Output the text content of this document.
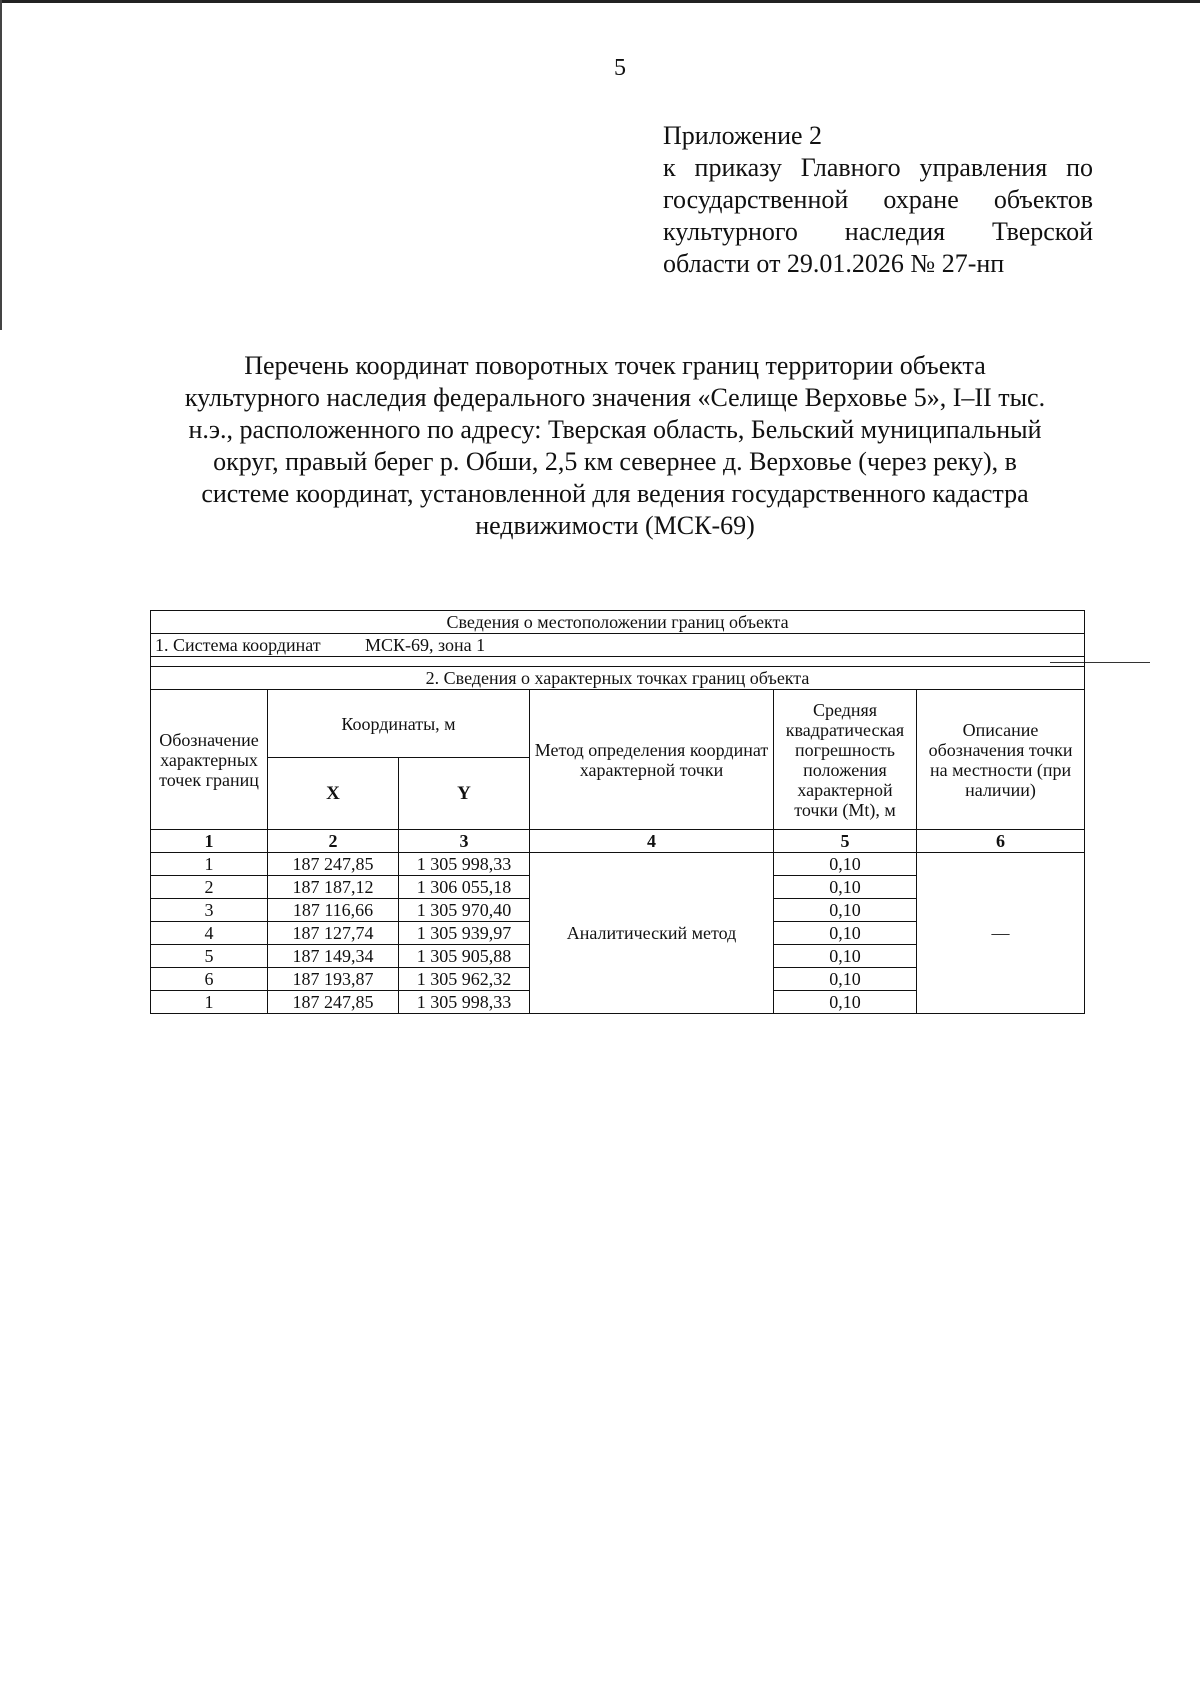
5
Приложение 2
к приказу Главного управления по
государственной охране объектов
культурного наследия Тверской
области от 29.01.2026 № 27-нп
Перечень координат поворотных точек границ территории объекта
культурного наследия федерального значения «Селище Верховье 5», I–II тыс.
н.э., расположенного по адресу: Тверская область, Бельский муниципальный
округ, правый берег р. Обши, 2,5 км севернее д. Верховье (через реку), в
системе координат, установленной для ведения государственного кадастра
недвижимости (МСК-69)
Сведения о местоположении границ объекта					
1. Система координат МСК-69, зона 1					

2. Сведения о характерных точках границ объекта					
Обозначение характерных точек границ	Координаты, м		Метод определения координат характерной точки	Средняя квадратическая погрешность положения характерной точки (Mt), м	Описание обозначения точки на местности (при наличии)
	X	Y			
1	2	3	4	5	6
1	187 247,85	1 305 998,33	Аналитический метод	0,10	—
2	187 187,12	1 306 055,18		0,10	
3	187 116,66	1 305 970,40		0,10	
4	187 127,74	1 305 939,97		0,10	
5	187 149,34	1 305 905,88		0,10	
6	187 193,87	1 305 962,32		0,10	
1	187 247,85	1 305 998,33		0,10	
